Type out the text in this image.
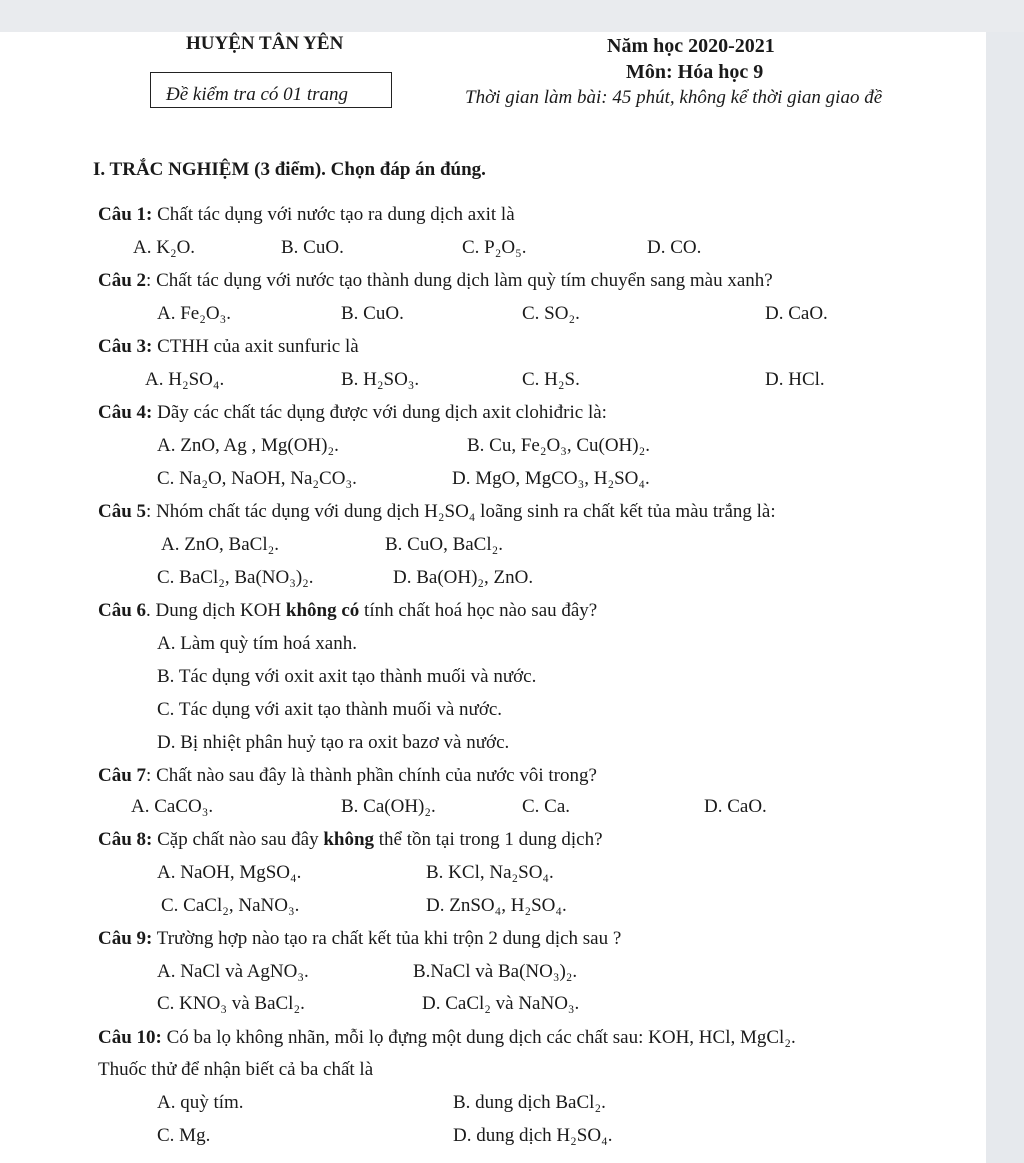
HUYỆN TÂN YÊN
Đề kiểm tra có 01 trang
Năm học 2020-2021
Môn: Hóa học 9
Thời gian làm bài: 45 phút, không kể thời gian giao đề
I. TRẮC NGHIỆM (3 điểm). Chọn đáp án đúng.
Câu 1: Chất tác dụng với nước tạo ra dung dịch axit là
A. K₂O.	B. CuO.	C. P₂O₅.	D. CO.
Câu 2: Chất tác dụng với nước tạo thành dung dịch làm quỳ tím chuyển sang màu xanh?
A. Fe₂O₃.	B. CuO.	C. SO₂.	D. CaO.
Câu 3: CTHH của axit sunfuric là
A. H₂SO₄.	B. H₂SO₃.	C. H₂S.	D. HCl.
Câu 4: Dãy các chất tác dụng được với dung dịch axit clohiđric là:
A. ZnO, Ag , Mg(OH)₂.	B. Cu, Fe₂O₃, Cu(OH)₂.
C. Na₂O, NaOH, Na₂CO₃.	D. MgO, MgCO₃, H₂SO₄.
Câu 5: Nhóm chất tác dụng với dung dịch H₂SO₄ loãng sinh ra chất kết tủa màu trắng là:
A. ZnO, BaCl₂.	B. CuO, BaCl₂.
C. BaCl₂, Ba(NO₃)₂.	D. Ba(OH)₂, ZnO.
Câu 6. Dung dịch KOH không có tính chất hoá học nào sau đây?
A. Làm quỳ tím hoá xanh.
B. Tác dụng với oxit axit tạo thành muối và nước.
C. Tác dụng với axit tạo thành muối và nước.
D. Bị nhiệt phân huỷ tạo ra oxit bazơ và nước.
Câu 7: Chất nào sau đây là thành phần chính của nước vôi trong?
A. CaCO₃.	B. Ca(OH)₂.	C. Ca.	D. CaO.
Câu 8: Cặp chất nào sau đây không thể tồn tại trong 1 dung dịch?
A. NaOH, MgSO₄.	B. KCl, Na₂SO₄.
C. CaCl₂, NaNO₃.	D. ZnSO₄, H₂SO₄.
Câu 9: Trường hợp nào tạo ra chất kết tủa khi trộn 2 dung dịch sau ?
A. NaCl và AgNO₃.	B.NaCl và Ba(NO₃)₂.
C. KNO₃ và BaCl₂.	D. CaCl₂ và NaNO₃.
Câu 10: Có ba lọ không nhãn, mỗi lọ đựng một dung dịch các chất sau: KOH, HCl, MgCl₂.
Thuốc thử để nhận biết cả ba chất là
A. quỳ tím.	B. dung dịch BaCl₂.
C. Mg.	D. dung dịch H₂SO₄.
